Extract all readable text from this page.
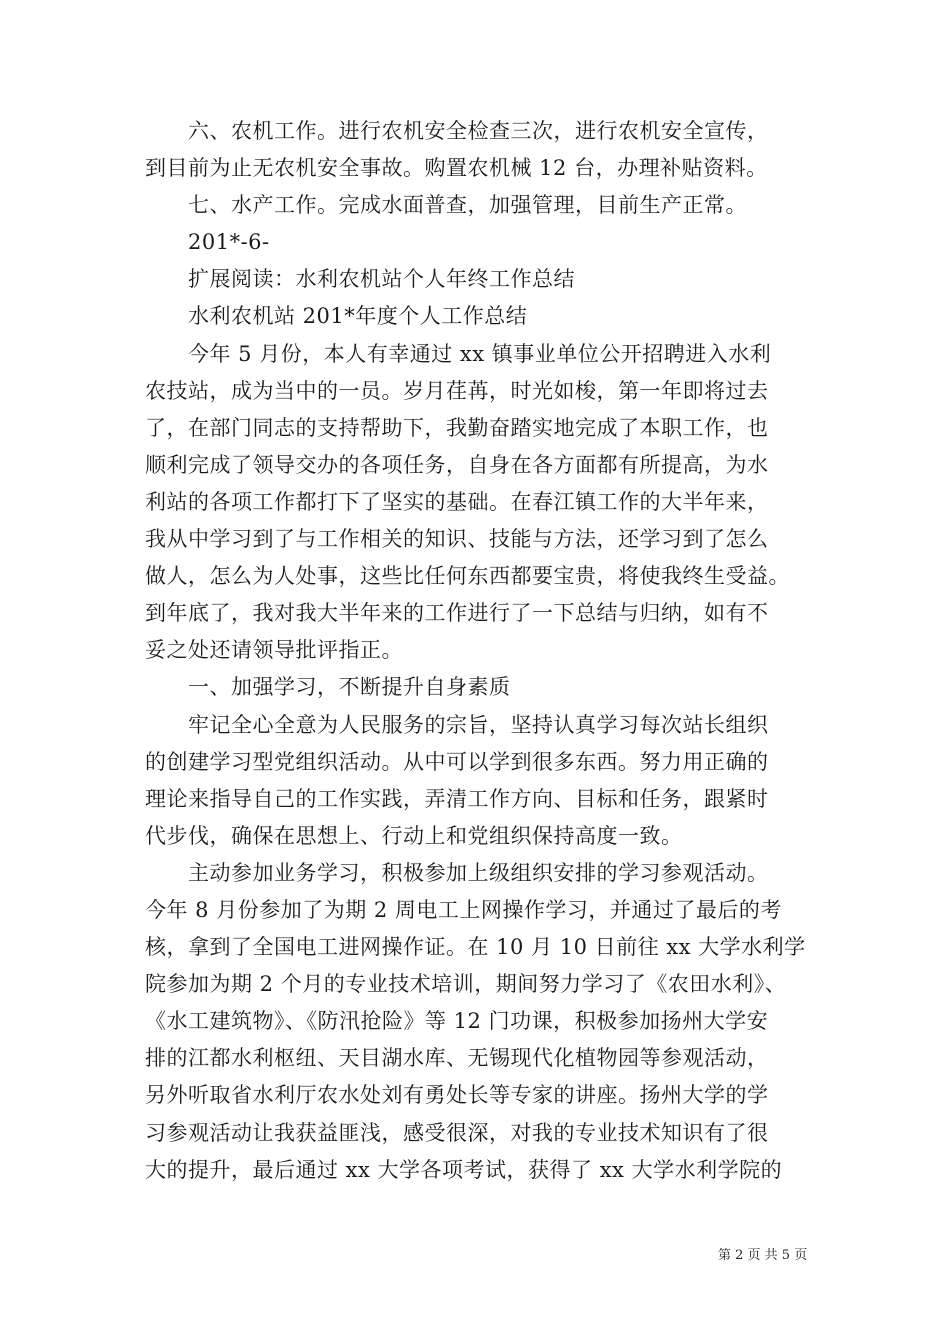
　　六、农机工作。进行农机安全检查三次，进行农机安全宣传，
到目前为止无农机安全事故。购置农机械 12 台，办理补贴资料。
　　七、水产工作。完成水面普查，加强管理，目前生产正常。
　　201*-6-
　　扩展阅读：水利农机站个人年终工作总结
　　水利农机站 201*年度个人工作总结
　　今年 5 月份，本人有幸通过 xx 镇事业单位公开招聘进入水利
农技站，成为当中的一员。岁月荏苒，时光如梭，第一年即将过去
了，在部门同志的支持帮助下，我勤奋踏实地完成了本职工作，也
顺利完成了领导交办的各项任务，自身在各方面都有所提高，为水
利站的各项工作都打下了坚实的基础。在春江镇工作的大半年来，
我从中学习到了与工作相关的知识、技能与方法，还学习到了怎么
做人，怎么为人处事，这些比任何东西都要宝贵，将使我终生受益。
到年底了，我对我大半年来的工作进行了一下总结与归纳，如有不
妥之处还请领导批评指正。
　　一、加强学习，不断提升自身素质
　　牢记全心全意为人民服务的宗旨，坚持认真学习每次站长组织
的创建学习型党组织活动。从中可以学到很多东西。努力用正确的
理论来指导自己的工作实践，弄清工作方向、目标和任务，跟紧时
代步伐，确保在思想上、行动上和党组织保持高度一致。
　　主动参加业务学习，积极参加上级组织安排的学习参观活动。
今年 8 月份参加了为期 2 周电工上网操作学习，并通过了最后的考
核，拿到了全国电工进网操作证。在 10 月 10 日前往 xx 大学水利学
院参加为期 2 个月的专业技术培训，期间努力学习了《农田水利》、
《水工建筑物》、《防汛抢险》等 12 门功课，积极参加扬州大学安
排的江都水利枢纽、天目湖水库、无锡现代化植物园等参观活动，
另外听取省水利厅农水处刘有勇处长等专家的讲座。扬州大学的学
习参观活动让我获益匪浅，感受很深，对我的专业技术知识有了很
大的提升，最后通过 xx 大学各项考试，获得了 xx 大学水利学院的
第 2 页 共 5 页
